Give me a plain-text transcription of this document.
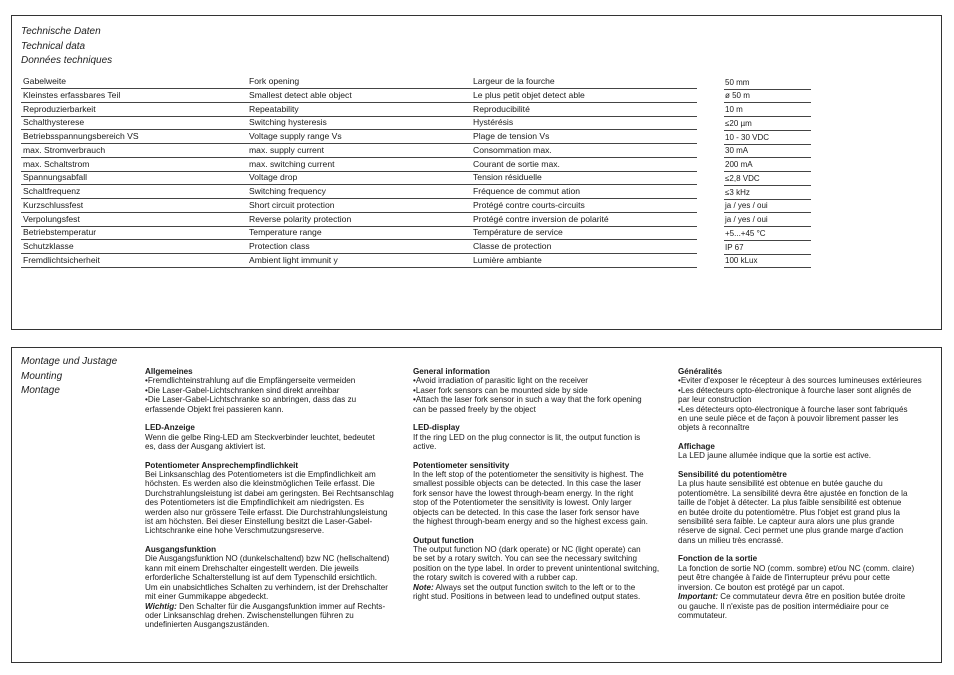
Technische Daten
Technical data
Données techniques
Gabelweite	Fork opening	Largeur de la fourche	50 mm
Kleinstes erfassbares Teil	Smallest detect able object	Le plus petit objet detect able	ø 50 m
Reproduzierbarkeit	Repeatability	Reproducibilité	10 m
Schalthysterese	Switching hysteresis	Hystérésis	≤20 µm
Betriebsspannungsbereich VS	Voltage supply range Vs	Plage de tension Vs	10 - 30 VDC
max. Stromverbrauch	max. supply current	Consommation max.	30 mA
max. Schaltstrom	max. switching current	Courant de sortie max.	200 mA
Spannungsabfall	Voltage drop	Tension résiduelle	≤2,8 VDC
Schaltfrequenz	Switching frequency	Fréquence de commut ation	≤3 kHz
Kurzschlussfest	Short circuit protection	Protégé contre courts-circuits	ja / yes / oui
Verpolungsfest	Reverse polarity protection	Protégé contre inversion de polarité	ja / yes / oui
Betriebstemperatur	Temperature range	Température de service	+5...+45 °C
Schutzklasse	Protection class	Classe de protection	IP 67
Fremdlichtsicherheit	Ambient light immunit y	Lumière ambiante	100 kLux
Montage und Justage
Mounting
Montage
Allgemeines
•Fremdlichteinstrahlung auf die Empfängerseite vermeiden
•Die Laser-Gabel-Lichtschranken sind direkt anreihbar
•Die Laser-Gabel-Lichtschranke so anbringen, dass das zu
erfassende Objekt frei passieren kann.
LED-Anzeige
Wenn die gelbe Ring-LED am Steckverbinder leuchtet, bedeutet
es, dass der Ausgang aktiviert ist.
Potentiometer Ansprechempfindlichkeit
Bei Linksanschlag des Potentiometers ist die Empfindlichkeit am
höchsten. Es werden also die kleinstmöglichen Teile erfasst. Die
Durchstrahlungsleistung ist dabei am geringsten. Bei Rechtsanschlag
des Potentiometers ist die Empfindlichkeit am niedrigsten. Es
werden also nur grössere Teile erfasst. Die Durchstrahlungsleistung
ist am höchsten. Bei dieser Einstellung besitzt die Laser-Gabel-
Lichtschranke eine hohe Verschmutzungsreserve.
Ausgangsfunktion
Die Ausgangsfunktion NO (dunkelschaltend) bzw NC (hellschaltend)
kann mit einem Drehschalter eingestellt werden. Die jeweils
erforderliche Schalterstellung ist auf dem Typenschild ersichtlich.
Um ein unabsichtliches Schalten zu verhindern, ist der Drehschalter
mit einer Gummikappe abgedeckt.
Wichtig: Den Schalter für die Ausgangsfunktion immer auf Rechts-
oder Linksanschlag drehen. Zwischenstellungen führen zu
undefinierten Ausgangszuständen.
General information
•Avoid irradiation of parasitic light on the receiver
•Laser fork sensors can be mounted side by side
•Attach the laser fork sensor in such a way that the fork opening
can be passed freely by the object
LED-display
If the ring LED on the plug connector is lit, the output function is
active.
Potentiometer sensitivity
In the left stop of the potentiometer the sensitivity is highest. The
smallest possible objects can be detected. In this case the laser
fork sensor have the lowest through-beam energy. In the right
stop of the Potentiometer the sensitivity is lowest. Only larger
objects can be detected. In this case the laser fork sensor have
the highest through-beam energy and so the highest excess gain.
Output function
The output function NO (dark operate) or NC (light operate) can
be set by a rotary switch. You can see the necessary switching
position on the type label. In order to prevent unintentional switching,
the rotary switch is covered with a rubber cap.
Note: Always set the output function switch to the left or to the
right stud. Positions in between lead to undefined output states.
Généralités
•Eviter d'exposer le récepteur à des sources lumineuses extérieures
•Les détecteurs opto-électronique à fourche laser sont alignés de
par leur construction
•Les détecteurs opto-électronique à fourche laser sont fabriqués
en une seule pièce et de façon à pouvoir librement passer les
objets à reconnaître
Affichage
La LED jaune allumée indique que la sortie est active.
Sensibilité du potentiomètre
La plus haute sensibilité est obtenue en butée gauche du
potentiomètre. La sensibilité devra être ajustée en fonction de la
taille de l'objet à détecter. La plus faible sensibilité est obtenue
en butée droite du potentiomètre. Plus l'objet est grand plus la
sensibilité sera faible. Le capteur aura alors une plus grande
réserve de signal. Ceci permet une plus grande marge d'action
dans un milieu très encrassé.
Fonction de la sortie
La fonction de sortie NO (comm. sombre) et/ou NC (comm. claire)
peut être changée à l'aide de l'interrupteur prévu pour cette
inversion. Ce bouton est protégé par un capot.
Important: Ce commutateur devra être en position butée droite
ou gauche. Il n'existe pas de position intermédiaire pour ce
commutateur.
